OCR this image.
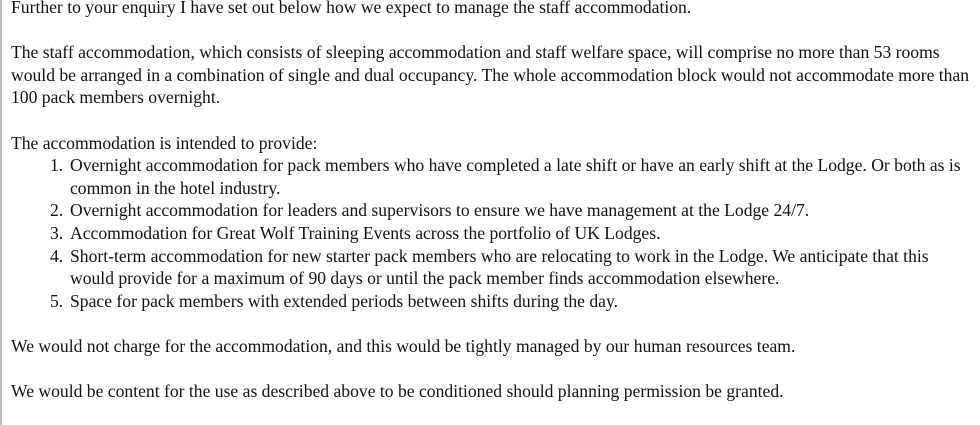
Further to your enquiry I have set out below how we expect to manage the staff accommodation.

The staff accommodation, which consists of sleeping accommodation and staff welfare space, will comprise no more than 53 rooms would be arranged in a combination of single and dual occupancy. The whole accommodation block would not accommodate more than 100 pack members overnight.

The accommodation is intended to provide:

1. Overnight accommodation for pack members who have completed a late shift or have an early shift at the Lodge. Or both as is common in the hotel industry.
2. Overnight accommodation for leaders and supervisors to ensure we have management at the Lodge 24/7.
3. Accommodation for Great Wolf Training Events across the portfolio of UK Lodges.
4. Short-term accommodation for new starter pack members who are relocating to work in the Lodge. We anticipate that this would provide for a maximum of 90 days or until the pack member finds accommodation elsewhere.
5. Space for pack members with extended periods between shifts during the day.

We would not charge for the accommodation, and this would be tightly managed by our human resources team.

We would be content for the use as described above to be conditioned should planning permission be granted.
